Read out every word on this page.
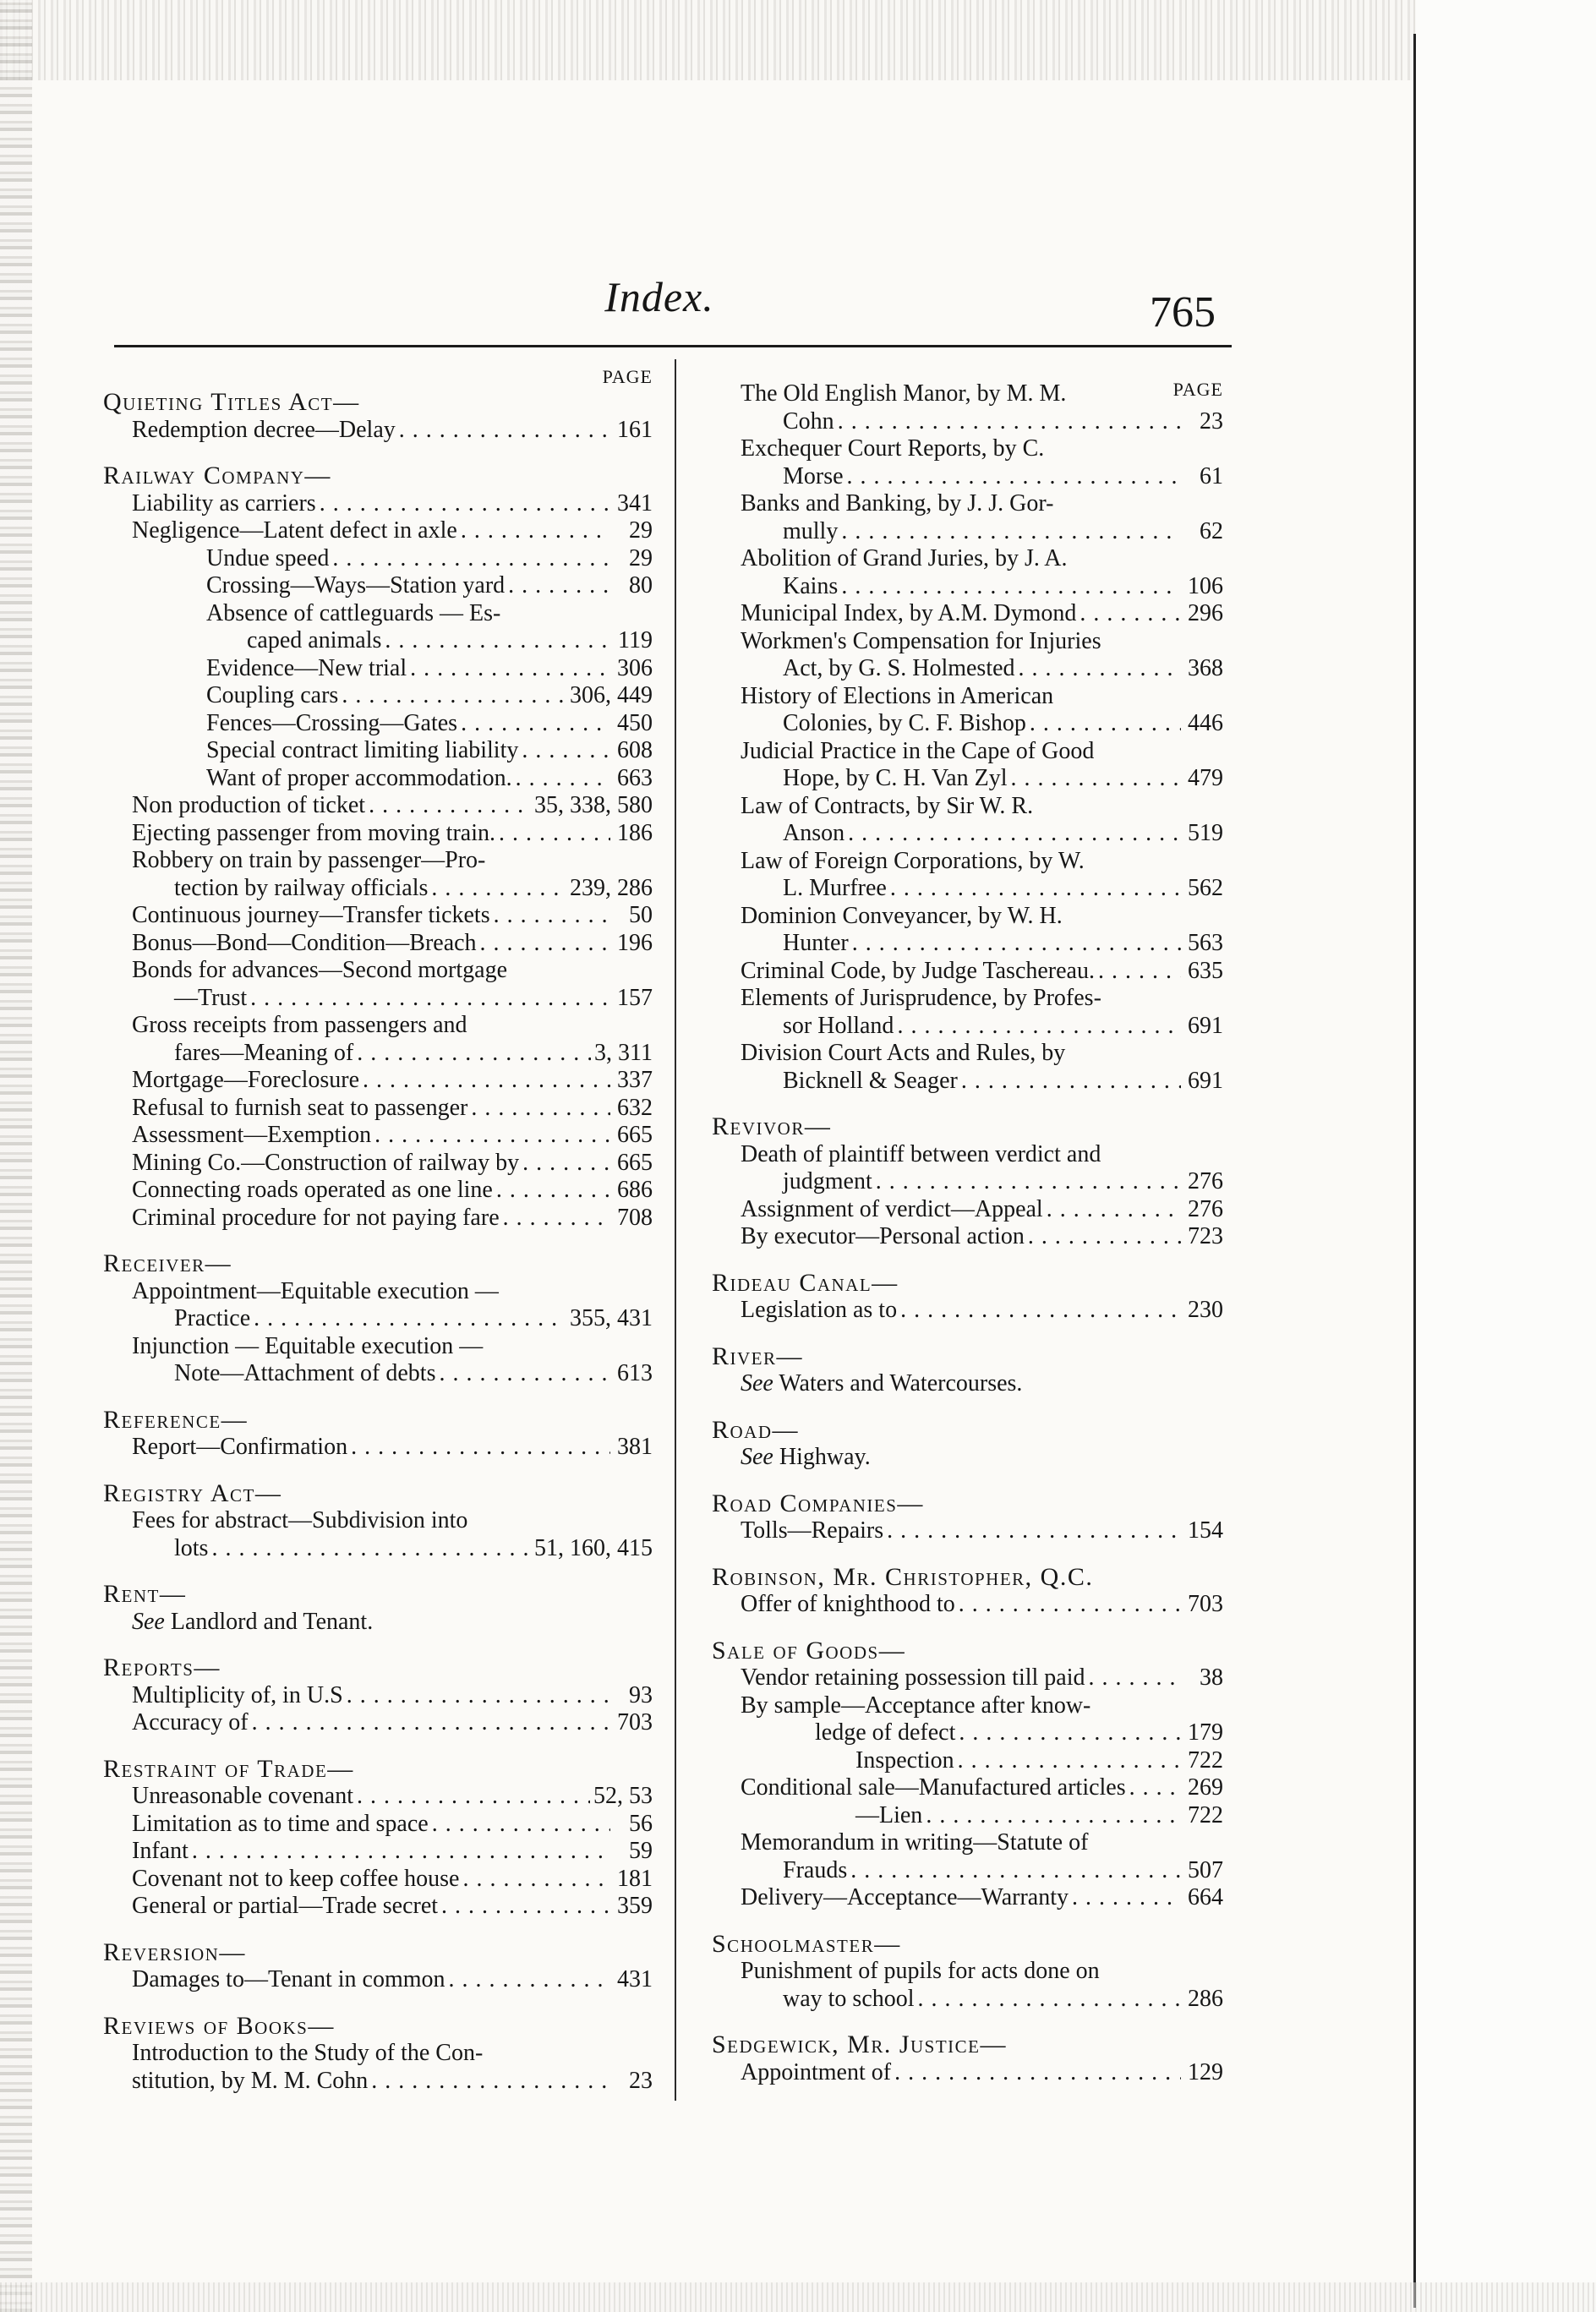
Index.	765
PAGE
Quieting Titles Act—
Redemption decree—Delay . . .	161
Railway Company—
Liability as carriers . . .	341
Negligence—Latent defect in axle . . .	29
Undue speed . . .	29
Crossing—Ways—Station yard . . .	80
Absence of cattleguards — Es-
caped animals . . .	119
Evidence—New trial . . .	306
Coupling cars . . .	306, 449
Fences—Crossing—Gates . . .	450
Special contract limiting liability . . .	608
Want of proper accommodation. . . .	663
Non production of ticket . . .	35, 338, 580
Ejecting passenger from moving train. . . .	186
Robbery on train by passenger—Pro-
tection by railway officials . . .	239, 286
Continuous journey—Transfer tickets . . .	50
Bonus—Bond—Condition—Breach . . .	196
Bonds for advances—Second mortgage
—Trust . . .	157
Gross receipts from passengers and
fares—Meaning of . . .	3, 311
Mortgage—Foreclosure . . .	337
Refusal to furnish seat to passenger . . .	632
Assessment—Exemption . . .	665
Mining Co.—Construction of railway by . . .	665
Connecting roads operated as one line . . .	686
Criminal procedure for not paying fare . . .	708
Receiver—
Appointment—Equitable execution —
Practice . . .	355, 431
Injunction — Equitable execution —
Note—Attachment of debts . . .	613
Reference—
Report—Confirmation . . .	381
Registry Act—
Fees for abstract—Subdivision into
lots . . .	51, 160, 415
Rent—
See Landlord and Tenant.
Reports—
Multiplicity of, in U.S . . .	93
Accuracy of . . .	703
Restraint of Trade—
Unreasonable covenant . . .	52, 53
Limitation as to time and space . . .	56
Infant . . .	59
Covenant not to keep coffee house . . .	181
General or partial—Trade secret . . .	359
Reversion—
Damages to—Tenant in common . . .	431
Reviews of Books—
Introduction to the Study of the Con-
stitution, by M. M. Cohn . . .	23
PAGE
The Old English Manor, by M. M.
Cohn . . .	23
Exchequer Court Reports, by C.
Morse . . .	61
Banks and Banking, by J. J. Gor-
mully . . .	62
Abolition of Grand Juries, by J. A.
Kains . . .	106
Municipal Index, by A.M. Dymond . . .	296
Workmen's Compensation for Injuries
Act, by G. S. Holmested . . .	368
History of Elections in American
Colonies, by C. F. Bishop . . .	446
Judicial Practice in the Cape of Good
Hope, by C. H. Van Zyl . . .	479
Law of Contracts, by Sir W. R.
Anson . . .	519
Law of Foreign Corporations, by W.
L. Murfree . . .	562
Dominion Conveyancer, by W. H.
Hunter . . .	563
Criminal Code, by Judge Taschereau. . . .	635
Elements of Jurisprudence, by Profes-
sor Holland . . .	691
Division Court Acts and Rules, by
Bicknell & Seager . . .	691
Revivor—
Death of plaintiff between verdict and
judgment . . .	276
Assignment of verdict—Appeal . . .	276
By executor—Personal action . . .	723
Rideau Canal—
Legislation as to . . .	230
River—
See Waters and Watercourses.
Road—
See Highway.
Road Companies—
Tolls—Repairs . . .	154
Robinson, Mr. Christopher, Q.C.
Offer of knighthood to . . .	703
Sale of Goods—
Vendor retaining possession till paid . . .	38
By sample—Acceptance after know-
ledge of defect . . .	179
Inspection . . .	722
Conditional sale—Manufactured articles . . .	269
—Lien . . .	722
Memorandum in writing—Statute of
Frauds . . .	507
Delivery—Acceptance—Warranty . . .	664
Schoolmaster—
Punishment of pupils for acts done on
way to school . . .	286
Sedgewick, Mr. Justice—
Appointment of . . .	129
